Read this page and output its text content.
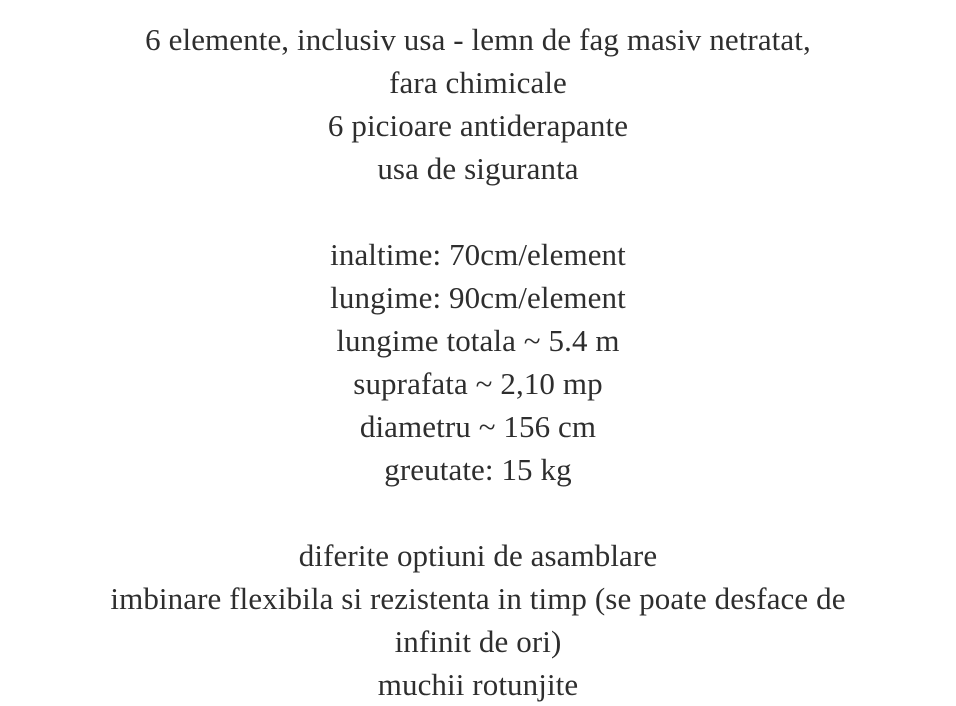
6 elemente, inclusiv usa - lemn de fag masiv netratat,
fara chimicale
6 picioare antiderapante
usa de siguranta
inaltime: 70cm/element
lungime: 90cm/element
lungime totala ~ 5.4 m
suprafata ~ 2,10 mp
diametru ~ 156 cm
greutate: 15 kg
diferite optiuni de asamblare
imbinare flexibila si rezistenta in timp (se poate desface de
infinit de ori)
muchii rotunjite
